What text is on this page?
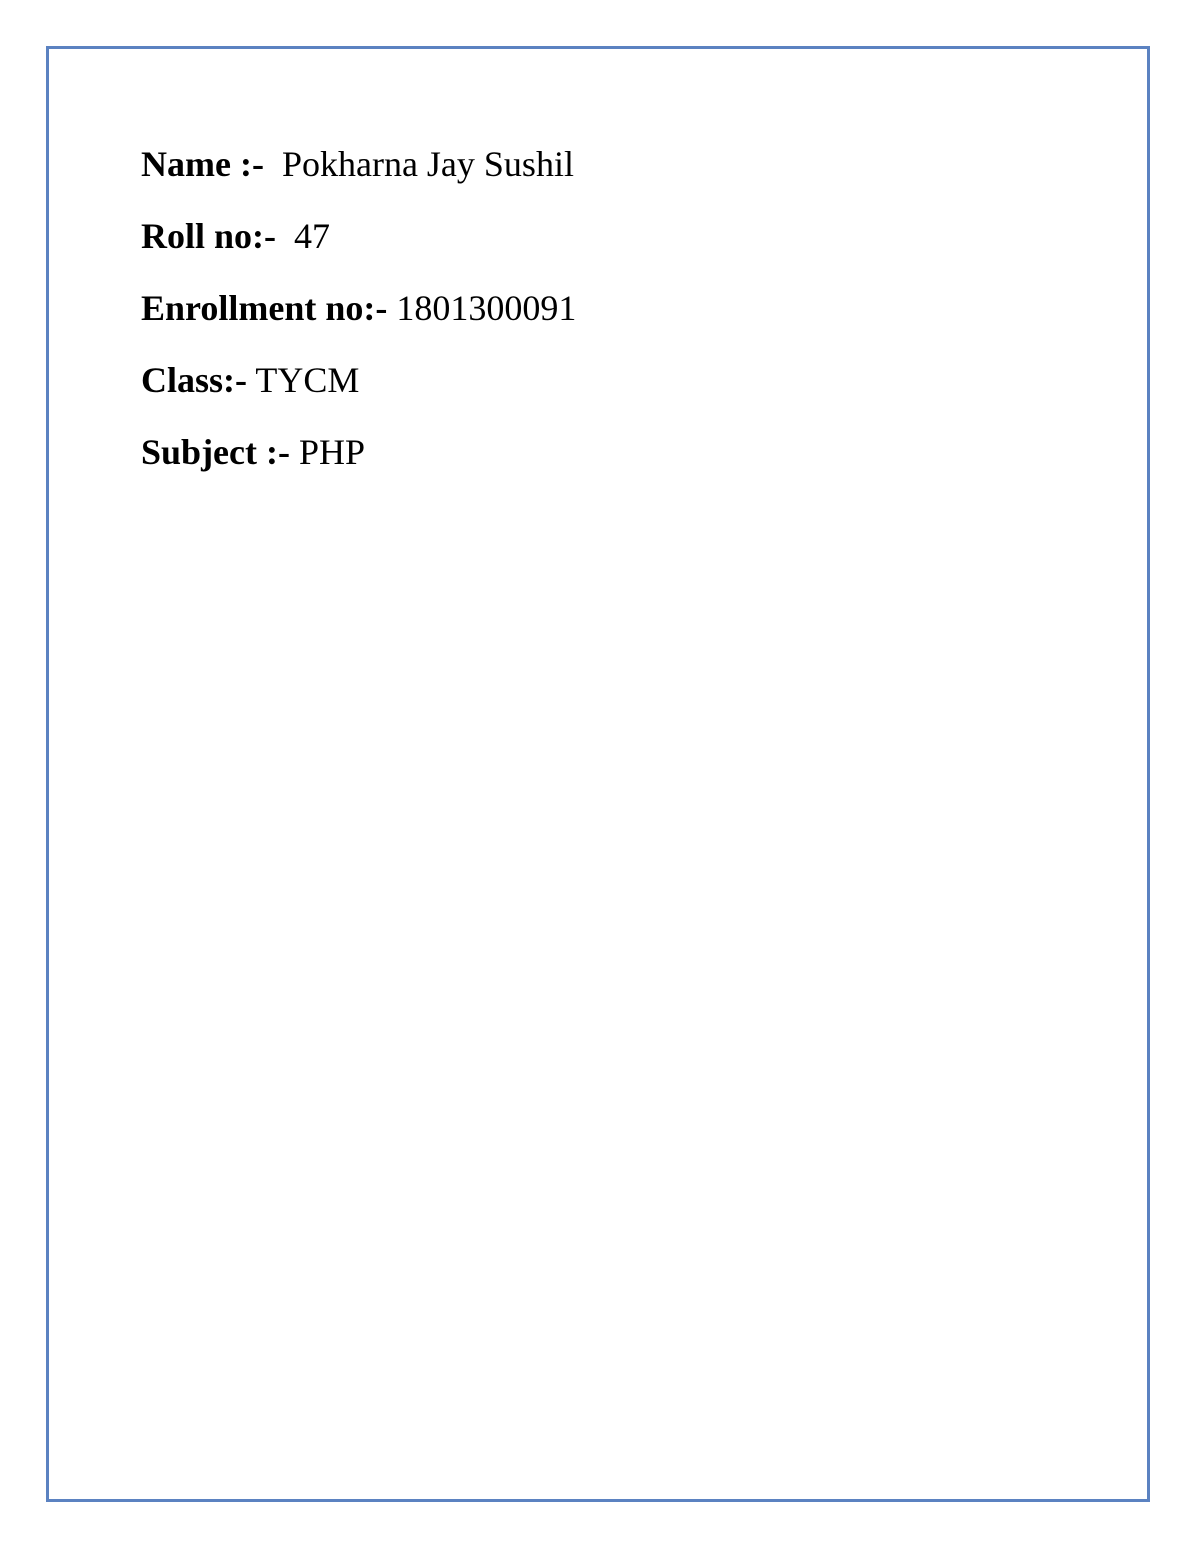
Name :- Pokharna Jay Sushil
Roll no:- 47
Enrollment no:- 1801300091
Class:- TYCM
Subject :- PHP
